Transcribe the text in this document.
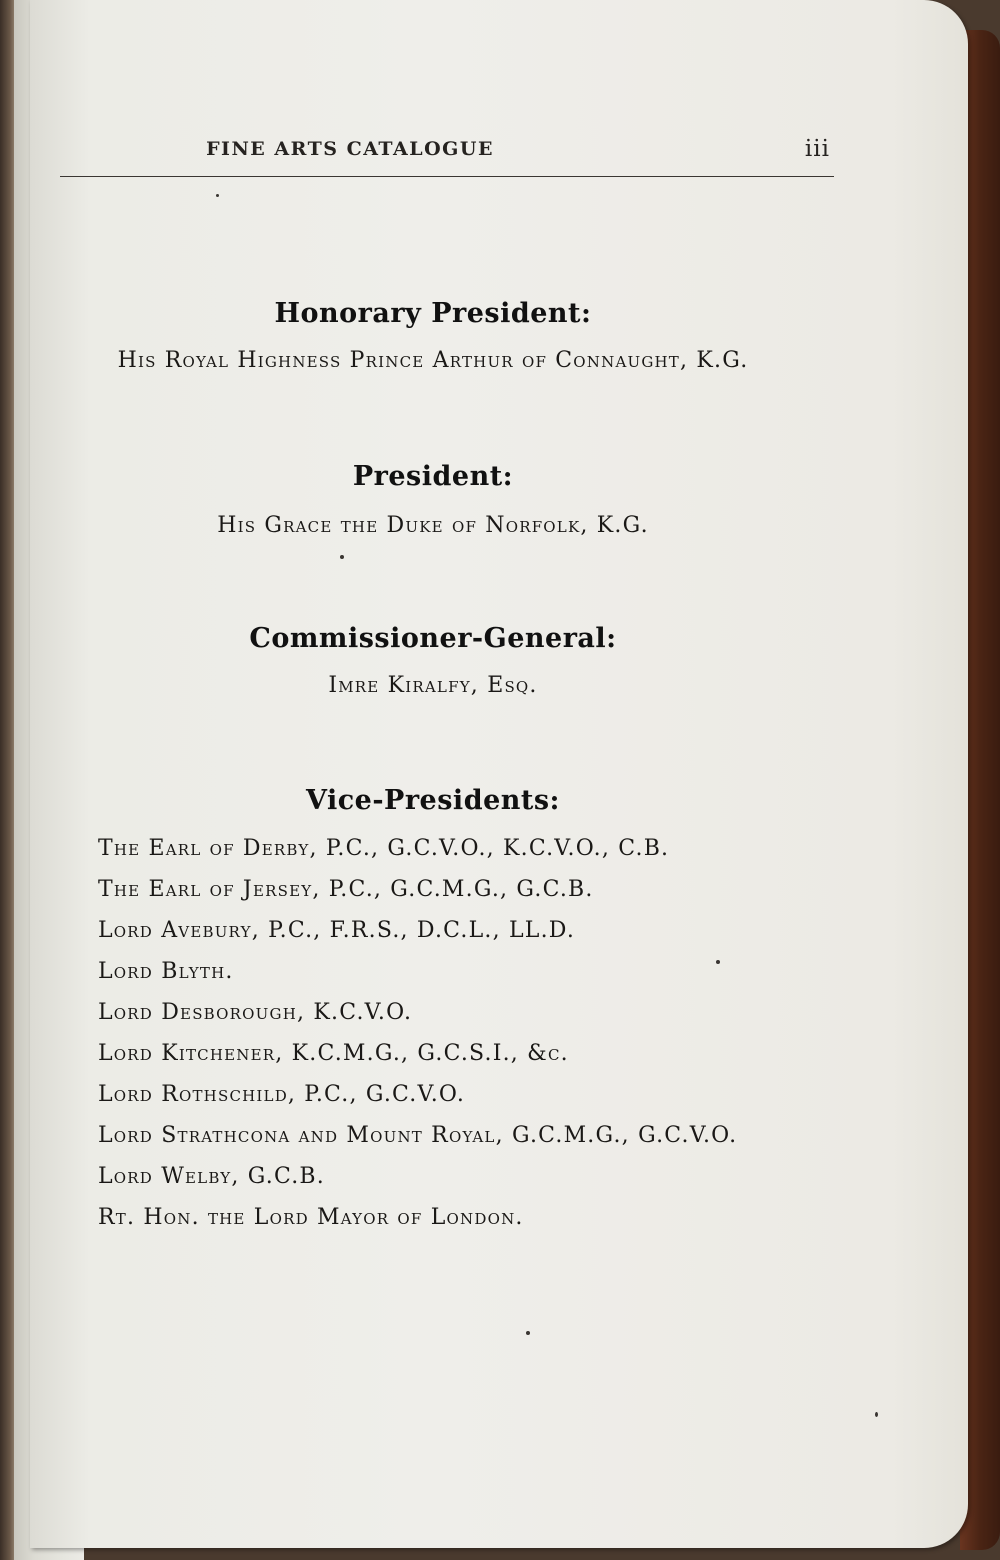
FINE ARTS CATALOGUE	iii
Honorary President:
His Royal Highness Prince Arthur of Connaught, K.G.
President:
His Grace the Duke of Norfolk, K.G.
Commissioner-General:
Imre Kiralfy, Esq.
Vice-Presidents:
The Earl of Derby, P.C., G.C.V.O., K.C.V.O., C.B.
The Earl of Jersey, P.C., G.C.M.G., G.C.B.
Lord Avebury, P.C., F.R.S., D.C.L., LL.D.
Lord Blyth.
Lord Desborough, K.C.V.O.
Lord Kitchener, K.C.M.G., G.C.S.I., &c.
Lord Rothschild, P.C., G.C.V.O.
Lord Strathcona and Mount Royal, G.C.M.G., G.C.V.O.
Lord Welby, G.C.B.
Rt. Hon. the Lord Mayor of London.
